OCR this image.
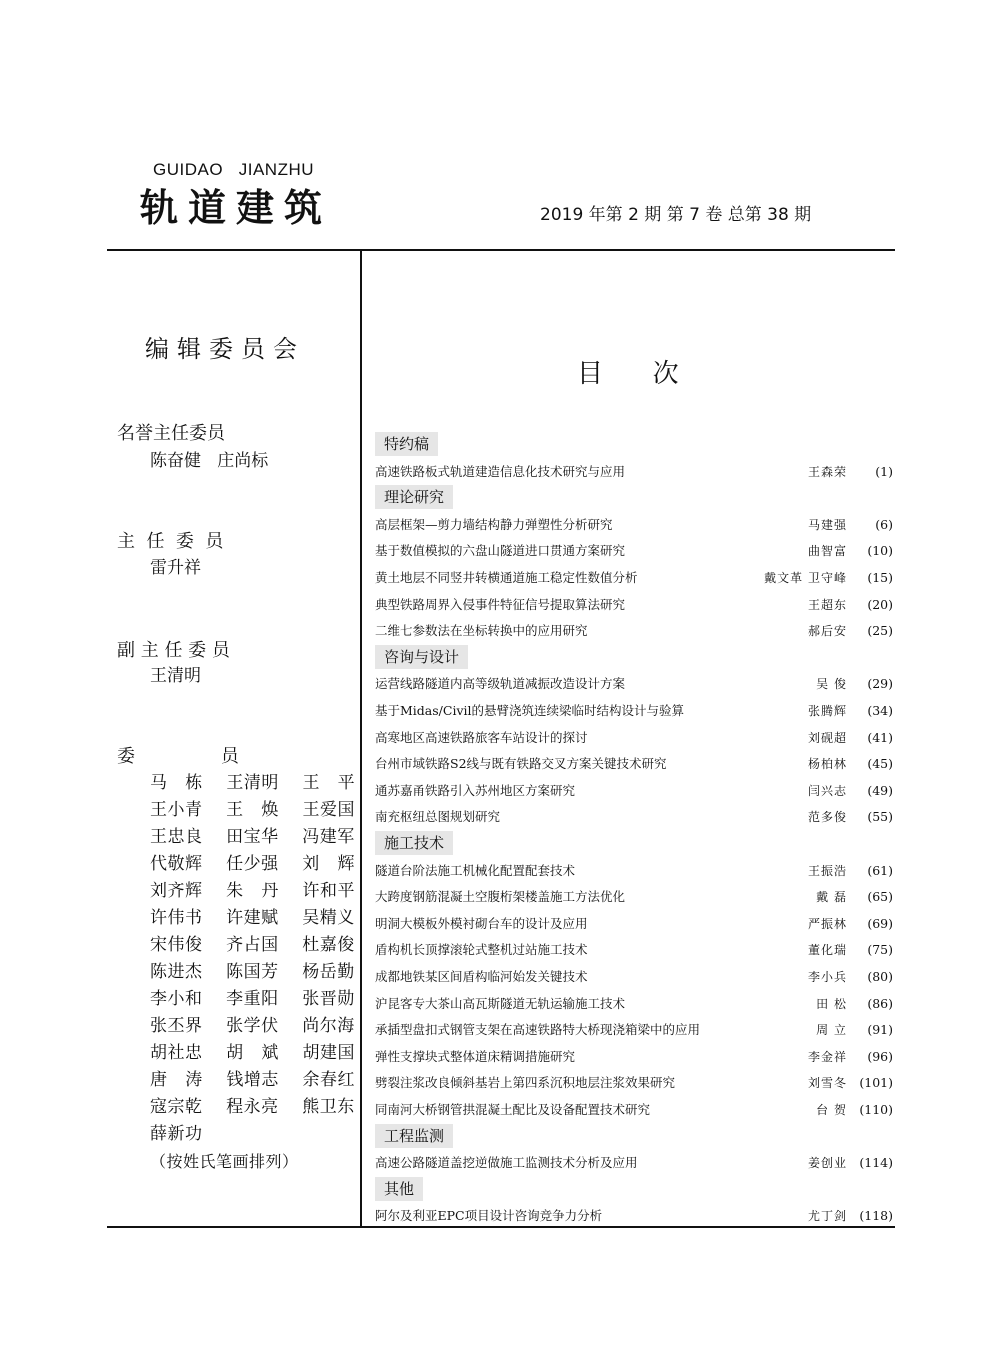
GUIDAO   JIANZHU
轨道建筑	2019 年第 2 期 第 7 卷 总第 38 期
编辑委员会
名誉主任委员
陈奋健   庄尚标
主  任  委  员
雷升祥
副 主 任 委 员
王清明
委               员
马   栋    王清明    王   平
王小青    王   焕    王爱国
王忠良    田宝华    冯建军
代敬辉    任少强    刘   辉
刘齐辉    朱   丹    许和平
许伟书    许建赋    吴精义
宋伟俊    齐占国    杜嘉俊
陈进杰    陈国芳    杨岳勤
李小和    李重阳    张晋勋
张丕界    张学伏    尚尔海
胡社忠    胡   斌    胡建国
唐   涛    钱增志    余春红
寇宗乾    程永亮    熊卫东
薛新功
（按姓氏笔画排列）
目      次
特约稿
高速铁路板式轨道建造信息化技术研究与应用	王森荣	(1)
理论研究
高层框架—剪力墙结构静力弹塑性分析研究	马建强	(6)
基于数值模拟的六盘山隧道进口贯通方案研究	曲智富	(10)
黄土地层不同竖井转横通道施工稳定性数值分析	戴文革 卫守峰	(15)
典型铁路周界入侵事件特征信号提取算法研究	王超东	(20)
二维七参数法在坐标转换中的应用研究	郝后安	(25)
咨询与设计
运营线路隧道内高等级轨道减振改造设计方案	吴 俊	(29)
基于Midas/Civil的悬臂浇筑连续梁临时结构设计与验算	张腾辉	(34)
高寒地区高速铁路旅客车站设计的探讨	刘砚超	(41)
台州市域铁路S2线与既有铁路交叉方案关键技术研究	杨柏林	(45)
通苏嘉甬铁路引入苏州地区方案研究	闫兴志	(49)
南充枢纽总图规划研究	范多俊	(55)
施工技术
隧道台阶法施工机械化配置配套技术	王振浩	(61)
大跨度钢筋混凝土空腹桁架楼盖施工方法优化	戴 磊	(65)
明洞大模板外模衬砌台车的设计及应用	严振林	(69)
盾构机长顶撑滚轮式整机过站施工技术	董化瑞	(75)
成都地铁某区间盾构临河始发关键技术	李小兵	(80)
沪昆客专大茶山高瓦斯隧道无轨运输施工技术	田 松	(86)
承插型盘扣式钢管支架在高速铁路特大桥现浇箱梁中的应用	周 立	(91)
弹性支撑块式整体道床精调措施研究	李金祥	(96)
劈裂注浆改良倾斜基岩上第四系沉积地层注浆效果研究	刘雪冬 (101)
同南河大桥钢管拱混凝土配比及设备配置技术研究	台 贺 (110)
工程监测
高速公路隧道盖挖逆做施工监测技术分析及应用	姜创业 (114)
其他
阿尔及利亚EPC项目设计咨询竞争力分析	尤丁剑 (118)
